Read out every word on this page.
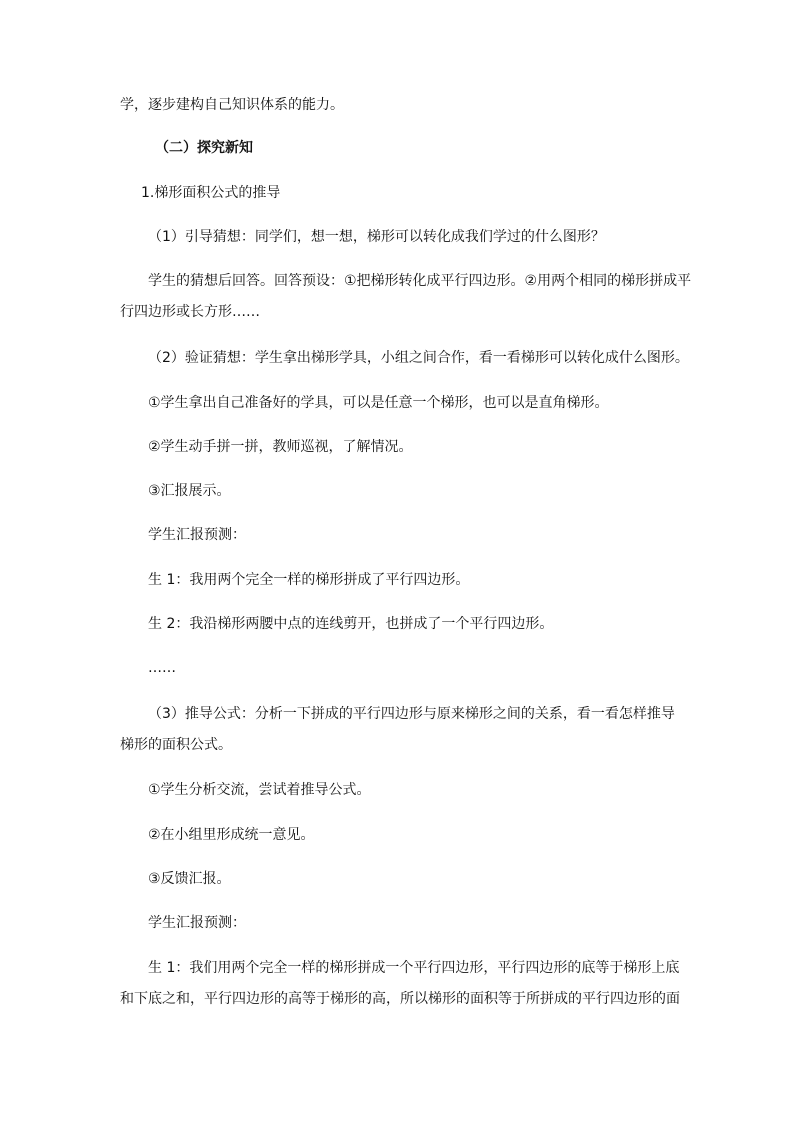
学，逐步建构自己知识体系的能力。
（二）探究新知
1.梯形面积公式的推导
（1）引导猜想：同学们，想一想，梯形可以转化成我们学过的什么图形？
学生的猜想后回答。回答预设：①把梯形转化成平行四边形。②用两个相同的梯形拼成平
行四边形或长方形……
（2）验证猜想：学生拿出梯形学具，小组之间合作，看一看梯形可以转化成什么图形。
①学生拿出自己准备好的学具，可以是任意一个梯形，也可以是直角梯形。
②学生动手拼一拼，教师巡视，了解情况。
③汇报展示。
学生汇报预测：
生 1：我用两个完全一样的梯形拼成了平行四边形。
生 2：我沿梯形两腰中点的连线剪开，也拼成了一个平行四边形。
……
（3）推导公式：分析一下拼成的平行四边形与原来梯形之间的关系，看一看怎样推导
梯形的面积公式。
①学生分析交流，尝试着推导公式。
②在小组里形成统一意见。
③反馈汇报。
学生汇报预测：
生 1：我们用两个完全一样的梯形拼成一个平行四边形，平行四边形的底等于梯形上底
和下底之和，平行四边形的高等于梯形的高，所以梯形的面积等于所拼成的平行四边形的面
